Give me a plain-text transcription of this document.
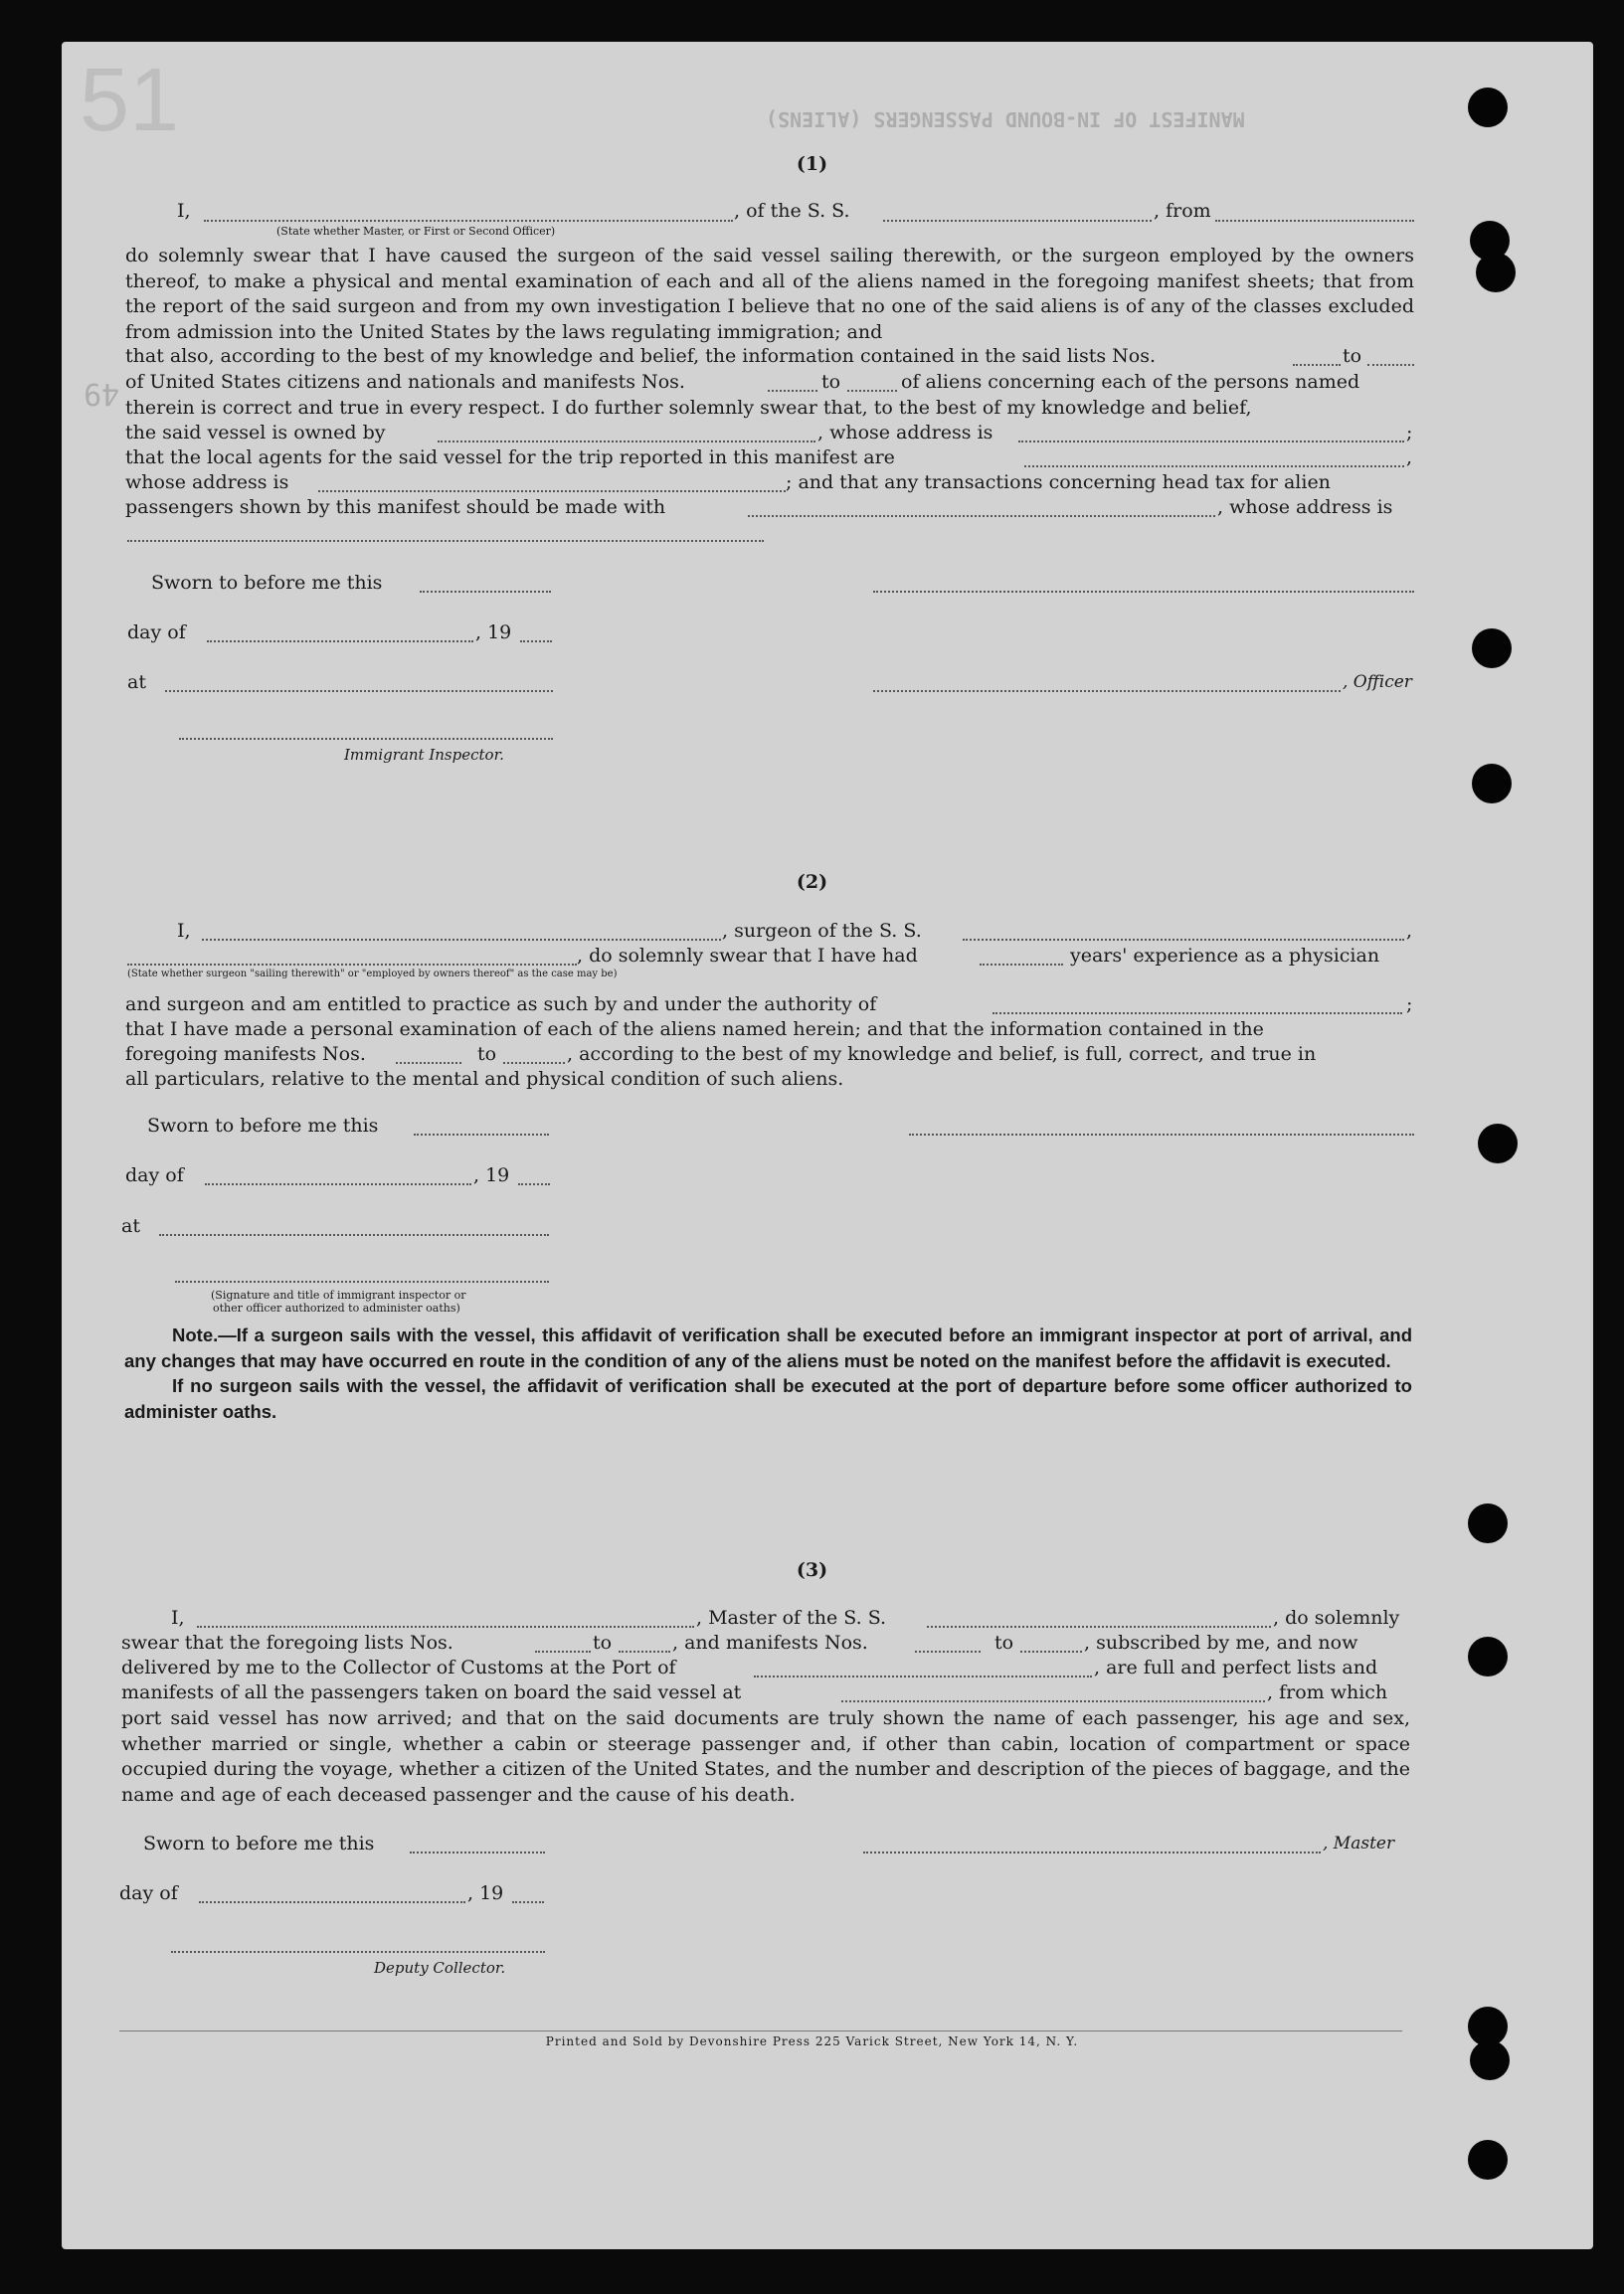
51	MANIFEST OF IN-BOUND PASSENGERS (ALIENS)
49
(1)
I,	, of the S. S.	, from
(State whether Master, or First or Second Officer)

do solemnly swear that I have caused the surgeon of the said vessel sailing therewith, or the surgeon employed by the owners thereof, to make a physical and mental examination of each and all of the aliens named in the foregoing manifest sheets; that from the report of the said surgeon and from my own investigation I believe that no one of the said aliens is of any of the classes excluded from admission into the United States by the laws regulating immigration; and

that also, according to the best of my knowledge and belief, the information contained in the said lists Nos.	to
of United States citizens and nationals and manifests Nos.	to	of aliens concerning each of the persons named
therein is correct and true in every respect. I do further solemnly swear that, to the best of my knowledge and belief,
the said vessel is owned by	, whose address is	;
that the local agents for the said vessel for the trip reported in this manifest are	,
whose address is	; and that any transactions concerning head tax for alien
passengers shown by this manifest should be made with	, whose address is
Sworn to before me this
day of	, 19
at	, Officer
Immigrant Inspector.
(2)
I,	, surgeon of the S. S.	,
, do solemnly swear that I have had	years' experience as a physician
(State whether surgeon "sailing therewith" or "employed by owners thereof" as the case may be)
and surgeon and am entitled to practice as such by and under the authority of	;
that I have made a personal examination of each of the aliens named herein; and that the information contained in the
foregoing manifests Nos.	to	, according to the best of my knowledge and belief, is full, correct, and true in
all particulars, relative to the mental and physical condition of such aliens.
Sworn to before me this
day of	, 19
at
(Signature and title of immigrant inspector or
other officer authorized to administer oaths)

Note.—If a surgeon sails with the vessel, this affidavit of verification shall be executed before an immigrant inspector at port of arrival, and any changes that may have occurred en route in the condition of any of the aliens must be noted on the manifest before the affidavit is executed.

If no surgeon sails with the vessel, the affidavit of verification shall be executed at the port of departure before some officer authorized to administer oaths.

(3)
I,	, Master of the S. S.	, do solemnly
swear that the foregoing lists Nos.	to	, and manifests Nos.	to	, subscribed by me, and now
delivered by me to the Collector of Customs at the Port of	, are full and perfect lists and
manifests of all the passengers taken on board the said vessel at	, from which

port said vessel has now arrived; and that on the said documents are truly shown the name of each passenger, his age and sex, whether married or single, whether a cabin or steerage passenger and, if other than cabin, location of compartment or space occupied during the voyage, whether a citizen of the United States, and the number and description of the pieces of baggage, and the name and age of each deceased passenger and the cause of his death.

Sworn to before me this	, Master
day of	, 19
Deputy Collector.
Printed and Sold by Devonshire Press 225 Varick Street, New York 14, N. Y.
